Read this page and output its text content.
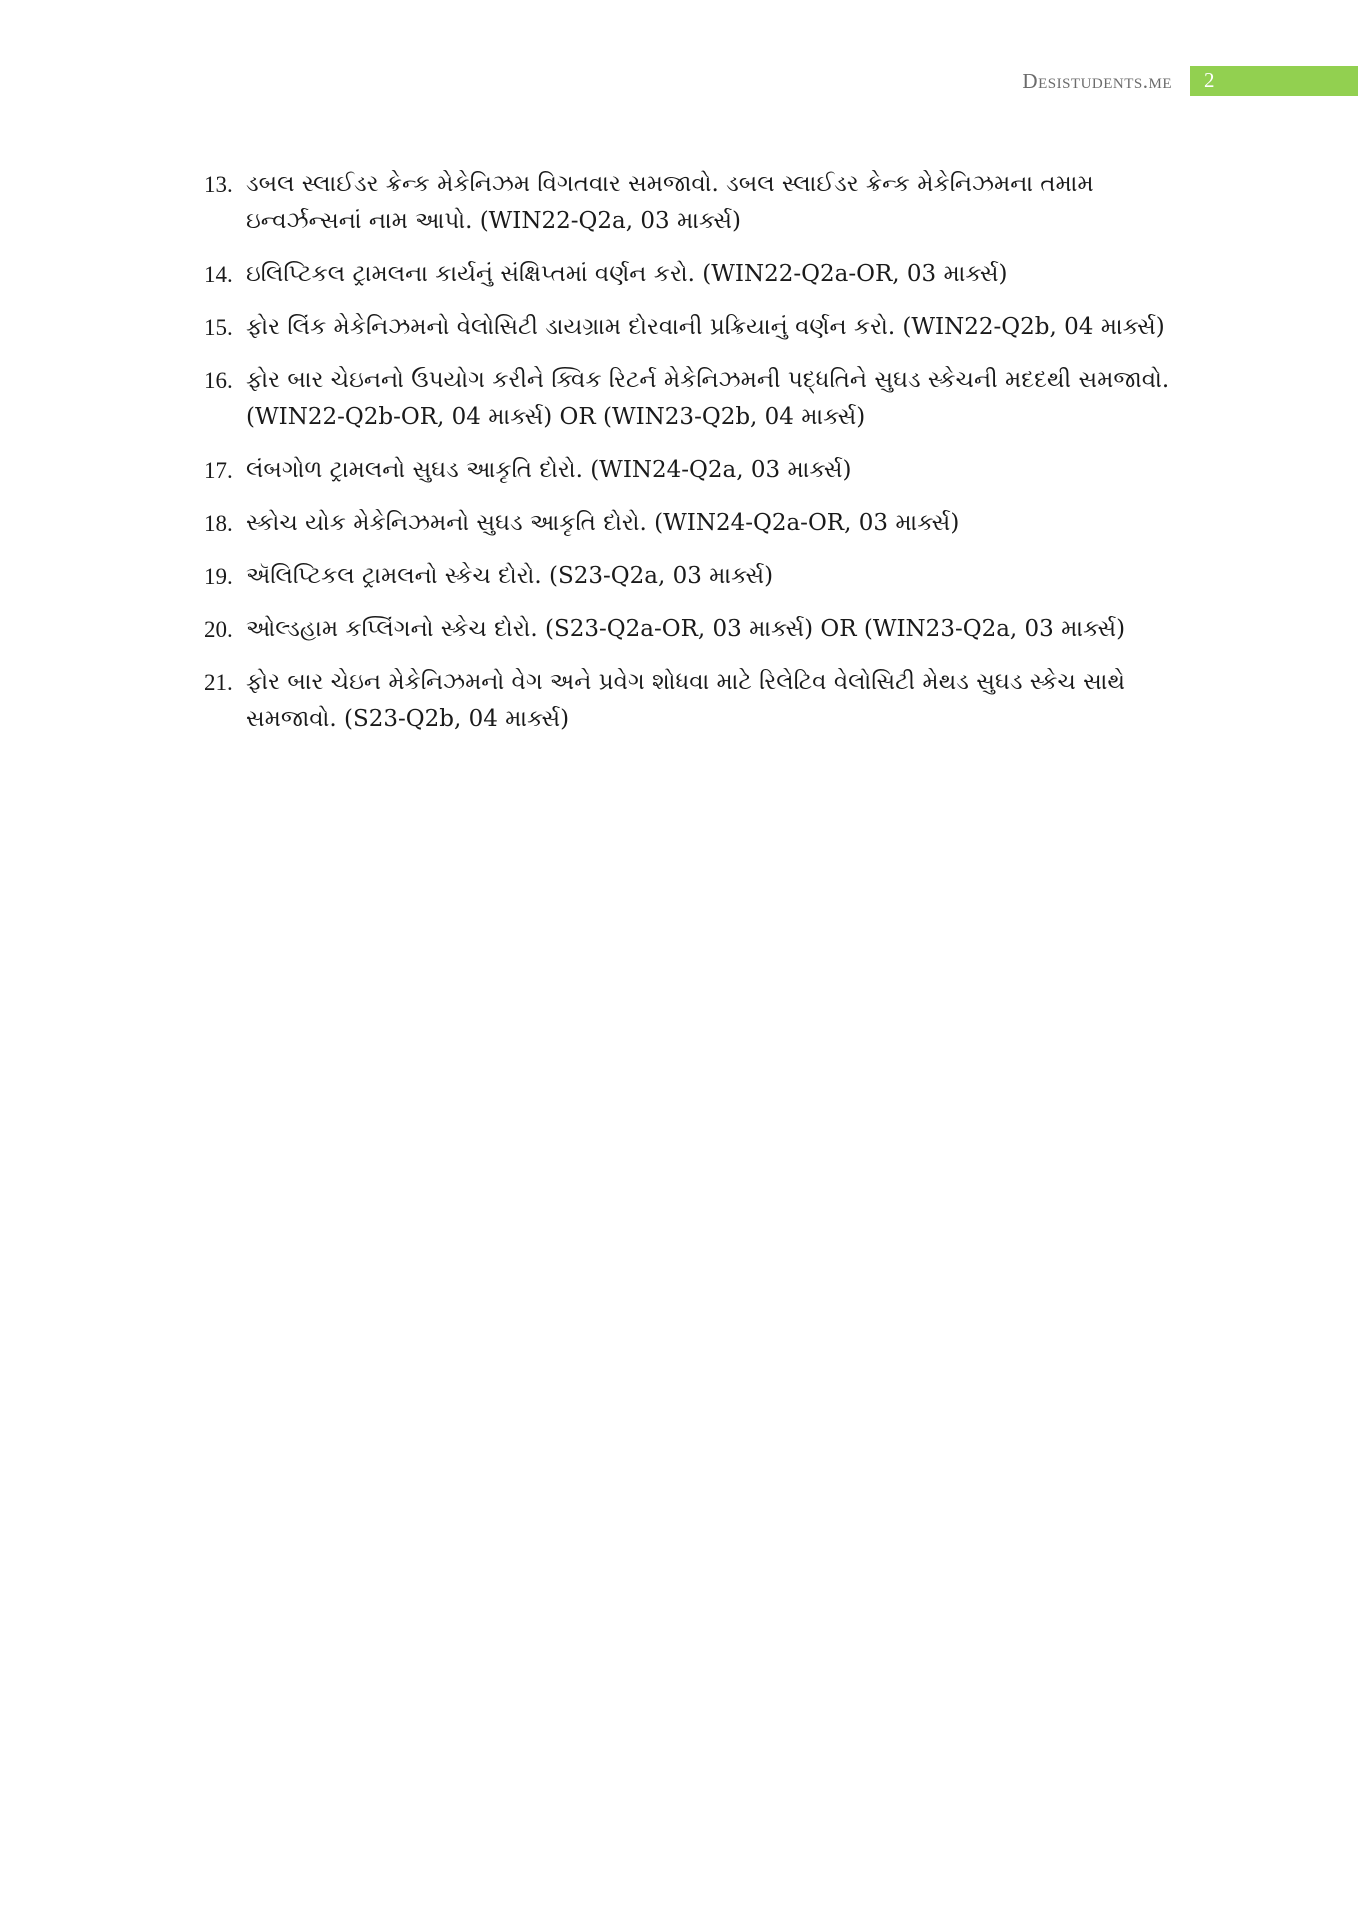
Desistudents.me 2
13. ડબલ સ્લાઈડર ક્રેન્ક મેકેનિઝમ વિગતવાર સમજાવો. ડબલ સ્લાઈડર ક્રેન્ક મેકેનિઝમના તમામ ઇન્વર્ઝન્સનાં નામ આપો. (WIN22-Q2a, 03 માર્ક્સ)
14. ઇલિપ્ટિકલ ટ્રામલના કાર્યનું સંક્ષિપ્તમાં વર્ણન કરો. (WIN22-Q2a-OR, 03 માર્ક્સ)
15. ફોર લિંક મેકેનિઝમનો વેલોસિટી ડાયગ્રામ દોરવાની પ્રક્રિયાનું વર્ણન કરો. (WIN22-Q2b, 04 માર્ક્સ)
16. ફોર બાર ચેઇનનો ઉપયોગ કરીને ક્વિક રિટર્ન મેકેનિઝમની પદ્ધતિને સુઘડ સ્કેચની મદદથી સમજાવો. (WIN22-Q2b-OR, 04 માર્ક્સ) OR (WIN23-Q2b, 04 માર્ક્સ)
17. લંબગોળ ટ્રામલનો સુઘડ આકૃતિ દોરો. (WIN24-Q2a, 03 માર્ક્સ)
18. સ્કોચ યોક મેકેનિઝમનો સુઘડ આકૃતિ દોરો. (WIN24-Q2a-OR, 03 માર્ક્સ)
19. ઍલિપ્ટિકલ ટ્રામલનો સ્કેચ દોરો. (S23-Q2a, 03 માર્ક્સ)
20. ઓલ્ડહામ કપ્લિંગનો સ્કેચ દોરો. (S23-Q2a-OR, 03 માર્ક્સ) OR (WIN23-Q2a, 03 માર્ક્સ)
21. ફોર બાર ચેઇન મેકેનિઝમનો વેગ અને પ્રવેગ શોધવા માટે રિલેટિવ વેલોસિટી મેથડ સુઘડ સ્કેચ સાથે સમજાવો. (S23-Q2b, 04 માર્ક્સ)
